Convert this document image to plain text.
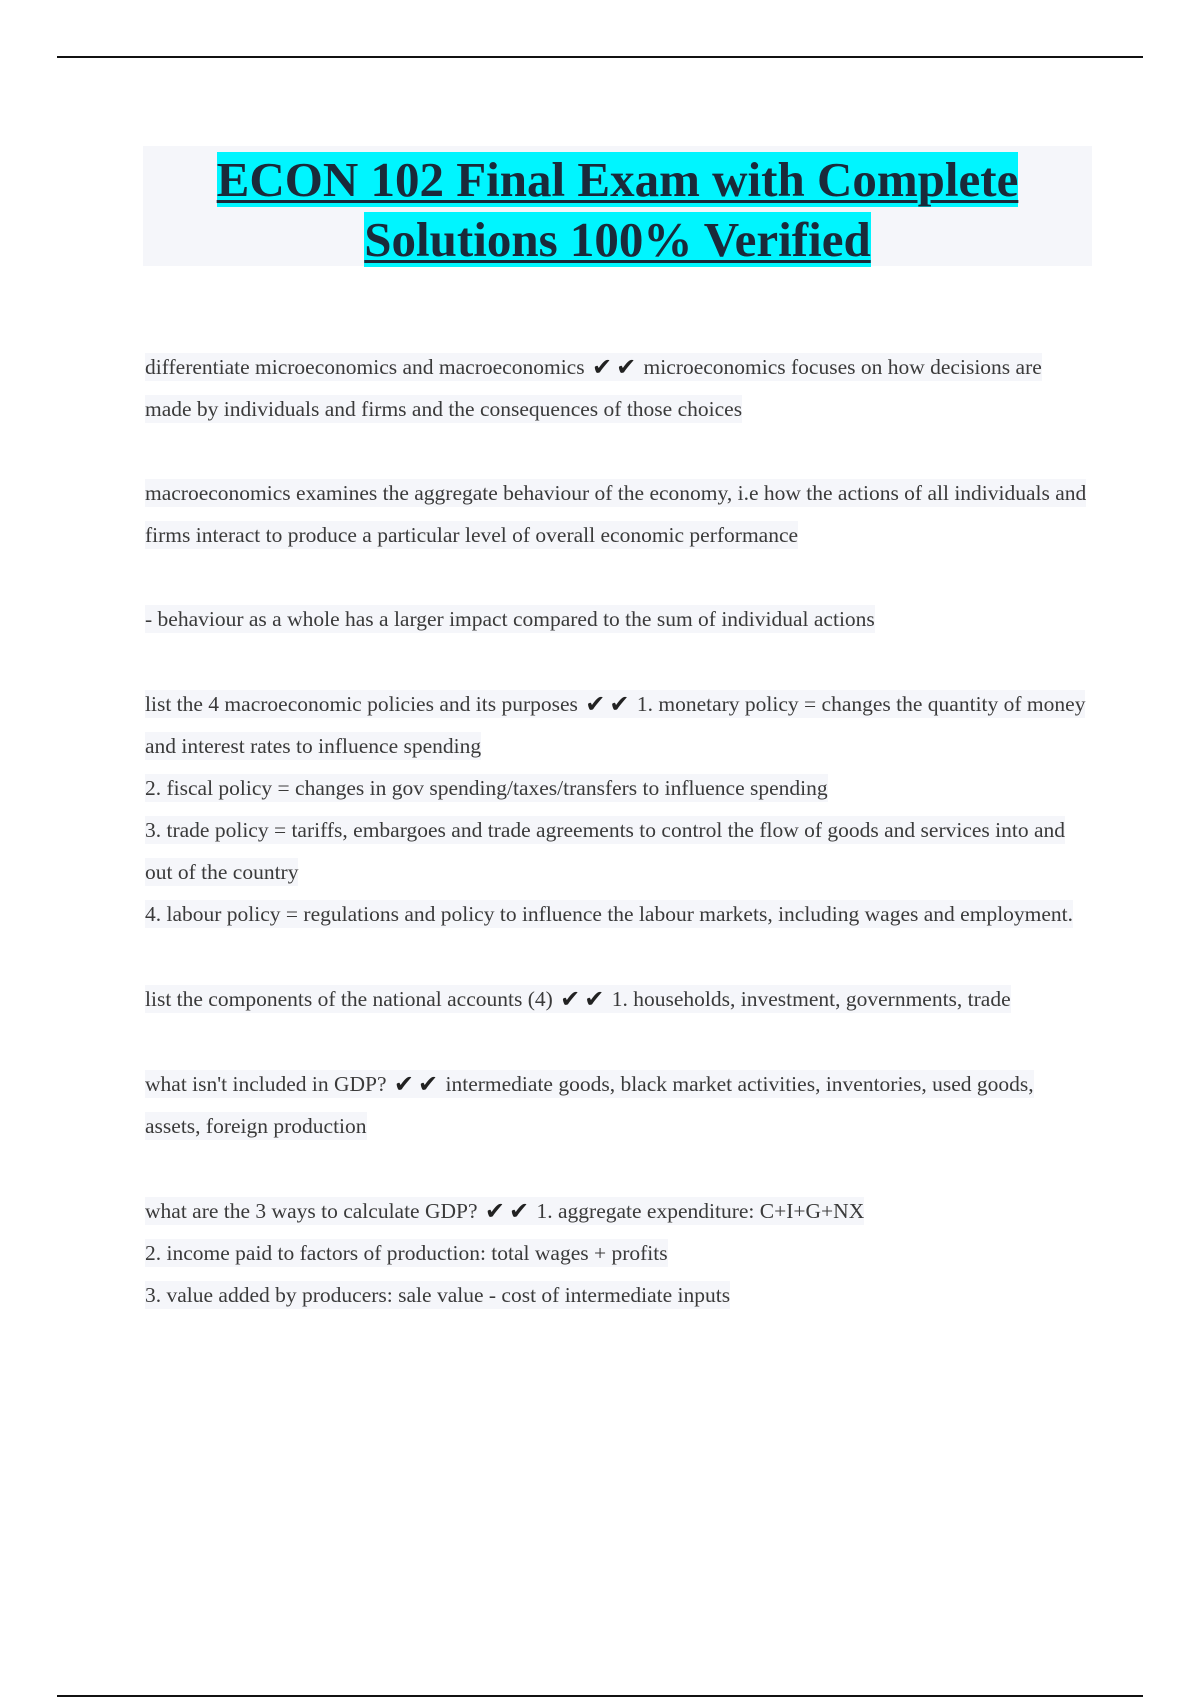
ECON 102 Final Exam with Complete
Solutions 100% Verified
differentiate microeconomics and macroeconomics ✔ ✔ microeconomics focuses on how decisions are made by individuals and firms and the consequences of those choices
macroeconomics examines the aggregate behaviour of the economy, i.e how the actions of all individuals and firms interact to produce a particular level of overall economic performance
- behaviour as a whole has a larger impact compared to the sum of individual actions
list the 4 macroeconomic policies and its purposes ✔ ✔ 1. monetary policy = changes the quantity of money and interest rates to influence spending
2. fiscal policy = changes in gov spending/taxes/transfers to influence spending
3. trade policy = tariffs, embargoes and trade agreements to control the flow of goods and services into and out of the country
4. labour policy = regulations and policy to influence the labour markets, including wages and employment.
list the components of the national accounts (4) ✔ ✔ 1. households, investment, governments, trade
what isn't included in GDP? ✔ ✔ intermediate goods, black market activities, inventories, used goods, assets, foreign production
what are the 3 ways to calculate GDP? ✔ ✔ 1. aggregate expenditure: C+I+G+NX
2. income paid to factors of production: total wages + profits
3. value added by producers: sale value - cost of intermediate inputs
